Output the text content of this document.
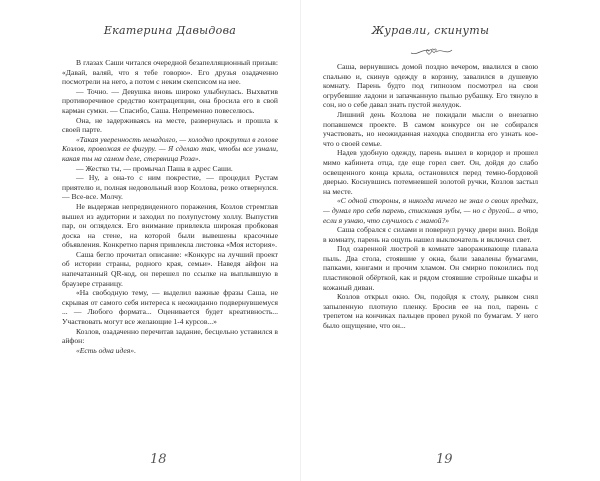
Екатерина Давыдова

В глазах Саши читался очередной безапелляционный призыв: «Давай, валяй, что я тебе говорю». Его друзья озадаченно посмотрели на него, а потом с неким скепсисом на нее.

— Точно. — Девушка вновь широко улыбнулась. Выхватив противоречивое средство контрацепции, она бросила его в свой карман сумки. — Спасибо, Саша. Непременно повеселюсь.

Она, не задерживаясь на месте, развернулась и прошла к своей парте.

«Такая уверенность ненадолго, — холодно прокрутил в голове Козлов, провожая ее фигуру. — Я сделаю так, чтобы все узнали, какая ты на самом деле, стервница Роза».

— Жестко ты, — промычал Паша в адрес Саши.

— Ну, а она-то с ним покрестие, — процедил Рустам приятелю и, полная недовольный взор Козлова, резко отвернулся. — Все-все. Молчу.

Не выдержав непредвиденного поражения, Козлов стремглав вышел из аудитории и заходил по полупустому холлу. Выпустив пар, он огляделся. Его внимание привлекла широкая пробковая доска на стене, на которой были вывешены красочные объявления. Конкретно парня привлекла листовка «Моя история».

Саша бегло прочитал описание: «Конкурс на лучший проект об истории страны, родного края, семьи». Наведя айфон на напечатанный QR-код, он перешел по ссылке на выплывшую в браузере страницу.

«На свободную тему, — выделил важные фразы Саша, не скрывая от самого себя интереса к неожиданно подвернувшемуся ... — Любого формата... Оценивается будет креативность... Участвовать могут все желающие 1-4 курсов...»

Козлов, озадаченно перечитав задание, бесцельно уставился в айфон:

«Есть одна идея».

18
Журавли, скинуты

Саша, вернувшись домой поздно вечером, ввалился в свою спальню и, скинув одежду в корзину, завалился в душевую комнату. Парень будто под гипнозом посмотрел на свои огрубевшие ладони и запачканную пылью рубашку. Его тянуло в сон, но о себе давал знать пустой желудок.

Лишний день Козлова не покидали мысли о внезапно попавшемся проекте. В самом конкурсе он не собирался участвовать, но неожиданная находка сподвигла его узнать кое-что о своей семье.

Надев удобную одежду, парень вышел в коридор и прошел мимо кабинета отца, где еще горел свет. Он, дойдя до слабо освещенного конца крыла, остановился перед темно-бордовой дверью. Коснувшись потемневшей золотой ручки, Козлов застыл на месте.

«С одной стороны, я никогда ничего не знал о своих предках, — думал про себя парень, стискивая зубы, — но с другой... а что, если я узнаю, что случилось с мамой?»

Саша собрался с силами и повернул ручку двери вниз. Войдя в комнату, парень на ощупь нашел выключатель и включил свет.

Под озаренной люстрой в комнате завораживающе плавала пыль. Два стола, стоявшие у окна, были завалены бумагами, папками, книгами и прочим хламом. Он смирно покоились под пластиковой обёрткой, как и рядом стоявшие стройные шкафы и кожаный диван.

Козлов открыл окно. Он, подойдя к столу, рывком снял запыленную плотную пленку. Бросив ее на пол, парень с трепетом на кончиках пальцев провел рукой по бумагам. У него было ощущение, что он...

19
